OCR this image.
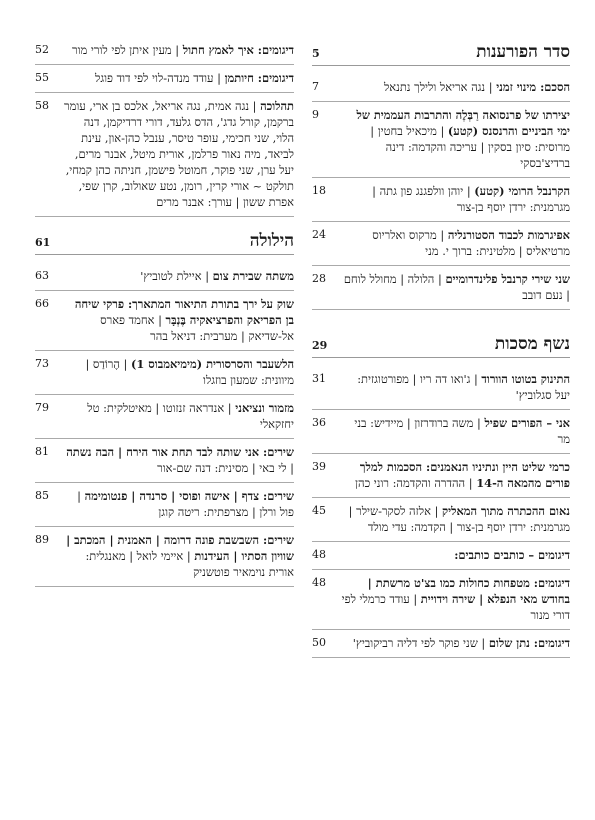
סדר הפורענות
5
הסכם: מינוי זמני | נגה אריאל ולילך נתנאל
7
יצירתו של פרנסואה רַבְּלֶה והתרבות העממית של ימי הביניים והרנסנס (קטע) | מיכאיל בחטין | מרוסית: סיון בסקין | עריכה והקדמה: דינה ברדיצ'בסקי
9
הקרנבל הרומי (קטע) | יוהן וולפגנג פון גתה | מגרמנית: ירדן יוסף בן-צור
18
אפיגרמות לכבוד הסטורנליה | מרקוס ואלריוס מרטיאליס | מלטינית: ברוך י. מני
24
שני שירי קרנבל פלינדרומיים | הלולה | מחולל לוחם | נעם דובב
28
נשף מסכות
29
התינוק בטוטו הוורוד | ג'ואו דה ריו | מפורטוגזית: יעל סגלוביץ'
31
אני – הפורים שפיל | משה ברודרזון | מיידיש: בני מר
36
כרמי שליט היין ונתיניו הנאמנים: הסכמות למלך פורים מהמאה ה-14 | ההדרה והקדמה: רוני כהן
39
נאום ההכתרה מתוך המאליק | אלזה לסקר-שילר | מגרמנית: ירדן יוסף בן-צור | הקדמה: עדי מולד
45
דיגומים – כותבים כותבים:
48
דיגומים: מטפחות כחולות כמו בצ'ט מרשתת | בחודש מאי הנפלא | שירה וידויית | עודד כרמלי לפי דורי מנור
48
דיגומים: נתן שלום | שני פוקר לפי דליה רביקוביץ'
50
דיגומים: איך לאמץ חתול | מעין איתן לפי לורי מור
52
דיגומים: חיותמן | עודד מנדה-לוי לפי דוד פוגל
55
תהלוכה | נגה אמית, נגה אריאל, אלכס בן ארי, עומר ברקמן, קורל גדג', הדס גלעד, דורי דרדיקמן, דנה הלוי, שני חכימי, עופר טיסר, ענבל כהן-און, עינת לביאד, מיה נאור פרלמן, אורית מיטל, אבנר מרים, יעל ערן, שני פוקר, חמוטל פישמן, חניתה כהן קמחי, תולקט ~ אורי קרין, רומן, נטע שאולוב, קרן שפי, אפרת ששון | עורך: אבנר מרים
58
הילולה
61
משתה שבירת צום | איילת לטוביץ'
63
שוק על ירך בתורת התיאור המתארך: פרקי שיחה בן הפריאק והפרציאקיה בֶּנְבָּר | אחמד פארס אל-שדיאק | מערבית: דניאל בהר
66
הלשעבר והסרסורית (מימיאמבוס 1) | הֶרוֹדַס | מיוונית: שמעון בוזגלו
73
מזמור ונציאני | אנדראה זנזוטו | מאיטלקית: טל יחזקאלי
79
שירים: אני שותה לבד תחת אור הירח | הבה נשתה | לי באי | מסינית: דנה שם-אור
81
שירים: צדף | אישה ופוסי | סרנדה | פנטומימה | פול ורלן | מצרפתית: ריטה קוגן
85
שירים: השבשבת פונה דרומה | האמנית | המכתב | שוויון הסתיו | העידנות | איימי לואל | מאנגלית: אורית נוימאיר פוטשניק
89
